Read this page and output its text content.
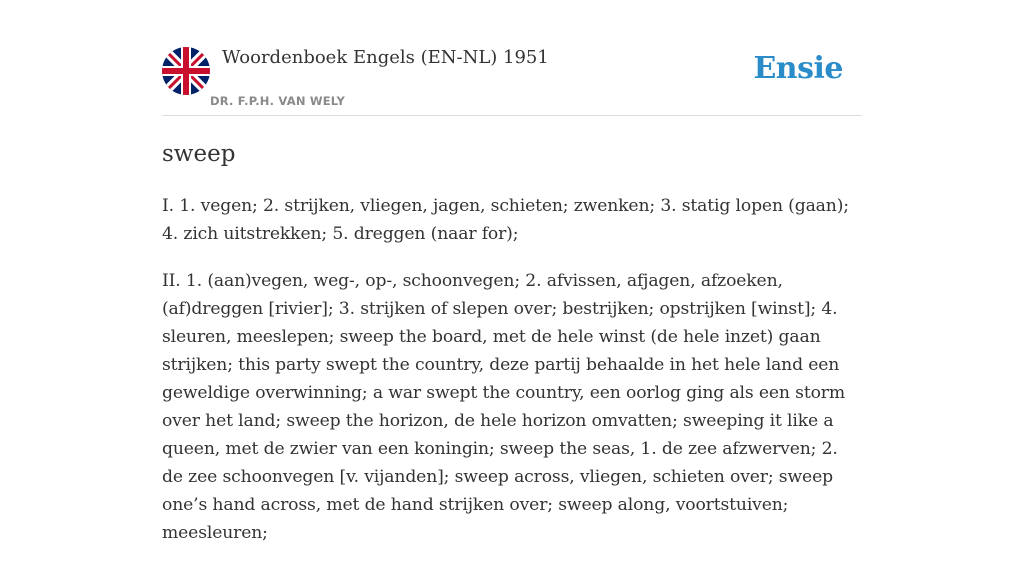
Woordenboek Engels (EN-NL) 1951
DR. F.P.H. VAN WELY
Ensie
sweep

I. 1. vegen; 2. strijken, vliegen, jagen, schieten; zwenken; 3. statig lopen (gaan); 4. zich uitstrekken; 5. dreggen (naar for);

II. 1. (aan)vegen, weg-, op-, schoonvegen; 2. afvissen, afjagen, afzoeken, (af)dreggen [rivier]; 3. strijken of slepen over; bestrijken; opstrijken [winst]; 4. sleuren, meeslepen; sweep the board, met de hele winst (de hele inzet) gaan strijken; this party swept the country, deze partij behaalde in het hele land een geweldige overwinning; a war swept the country, een oorlog ging als een storm over het land; sweep the horizon, de hele horizon omvatten; sweeping it like a queen, met de zwier van een koningin; sweep the seas, 1. de zee afzwerven; 2. de zee schoonvegen [v. vijanden]; sweep across, vliegen, schieten over; sweep one’s hand across, met de hand strijken over; sweep along, voortstuiven; meesleuren;
